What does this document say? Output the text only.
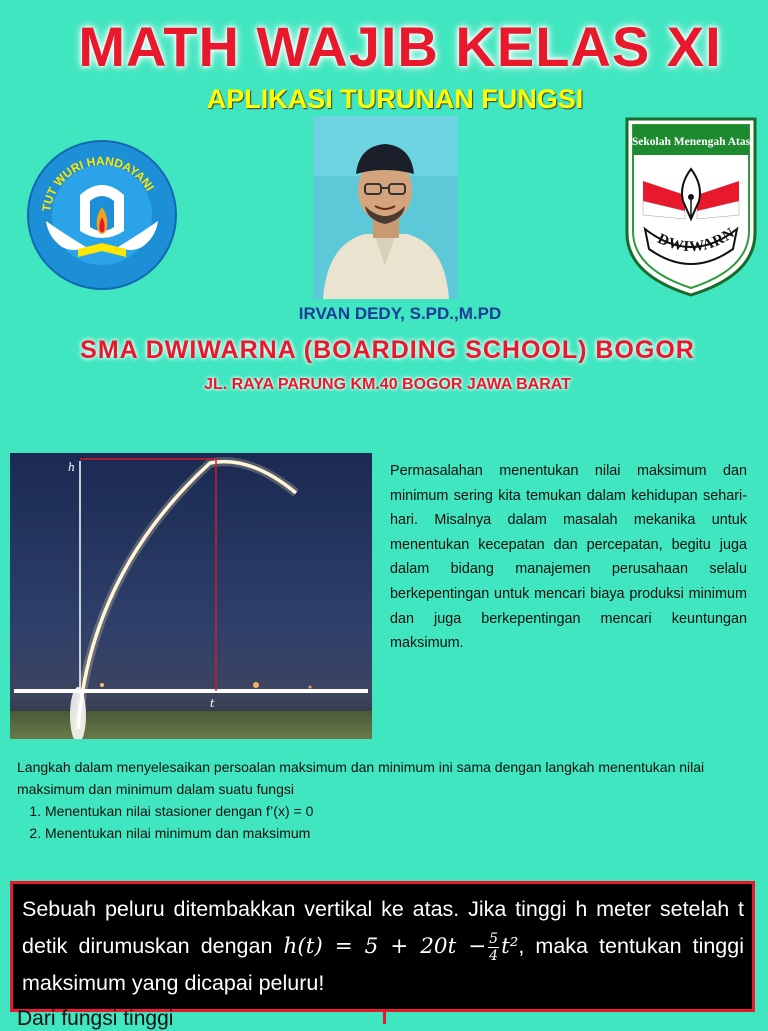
MATH WAJIB KELAS XI
APLIKASI TURUNAN FUNGSI
TUT WURI HANDAYANI
Sekolah Menengah Atas
DWIWARN
IRVAN DEDY, S.PD.,M.PD
SMA DWIWARNA (BOARDING SCHOOL) BOGOR
JL. RAYA PARUNG KM.40 BOGOR JAWA BARAT
h
t
Permasalahan menentukan nilai maksimum dan minimum sering kita temukan dalam kehidupan sehari-hari. Misalnya dalam masalah mekanika untuk menentukan kecepatan dan percepatan, begitu juga dalam bidang manajemen perusahaan selalu berkepentingan untuk mencari biaya produksi minimum dan juga berkepentingan mencari keuntungan maksimum.
Langkah dalam menyelesaikan persoalan maksimum dan minimum ini sama dengan langkah menentukan nilai maksimum dan minimum dalam suatu fungsi
1. Menentukan nilai stasioner dengan f’(x) = 0
2. Menentukan nilai minimum dan maksimum
Sebuah peluru ditembakkan vertikal ke atas. Jika tinggi h meter setelah t detik dirumuskan dengan $h(t) = 5 + 20t - \frac{5}{4} t^2$, maka tentukan tinggi maksimum yang dicapai peluru!
Dari fungsi tinggi
